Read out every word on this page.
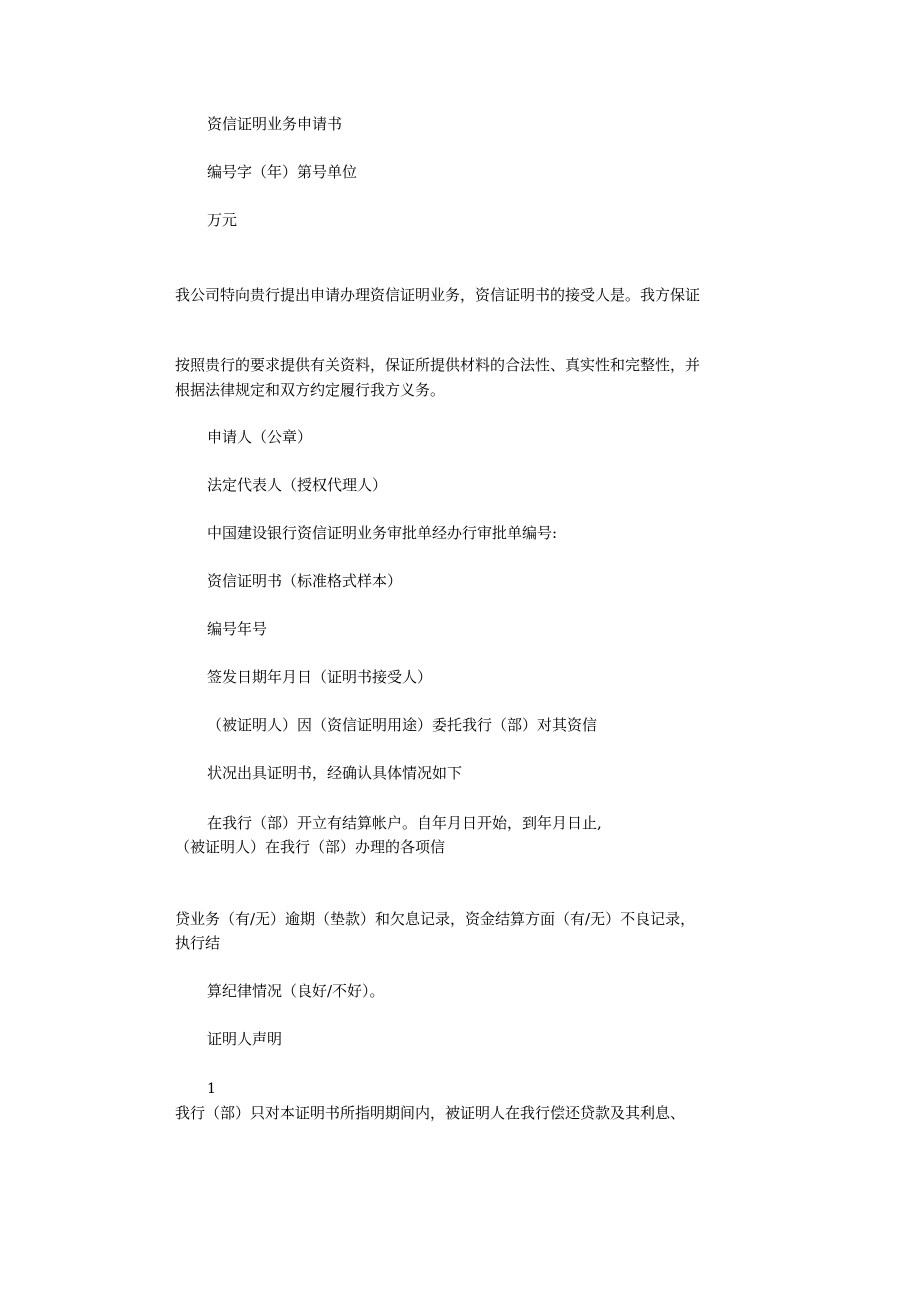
资信证明业务申请书
编号字（年）第号单位
万元
我公司特向贵行提出申请办理资信证明业务，资信证明书的接受人是。我方保证
按照贵行的要求提供有关资料，保证所提供材料的合法性、真实性和完整性，并
根据法律规定和双方约定履行我方义务。
申请人（公章）
法定代表人（授权代理人）
中国建设银行资信证明业务审批单经办行审批单编号:
资信证明书（标准格式样本）
编号年号
签发日期年月日（证明书接受人）
（被证明人）因（资信证明用途）委托我行（部）对其资信
状况出具证明书，经确认具体情况如下
在我行（部）开立有结算帐户。自年月日开始，到年月日止,
（被证明人）在我行（部）办理的各项信
贷业务（有/无）逾期（垫款）和欠息记录，资金结算方面（有/无）不良记录，
执行结
算纪律情况（良好/不好）。
证明人声明
1
我行（部）只对本证明书所指明期间内，被证明人在我行偿还贷款及其利息、
